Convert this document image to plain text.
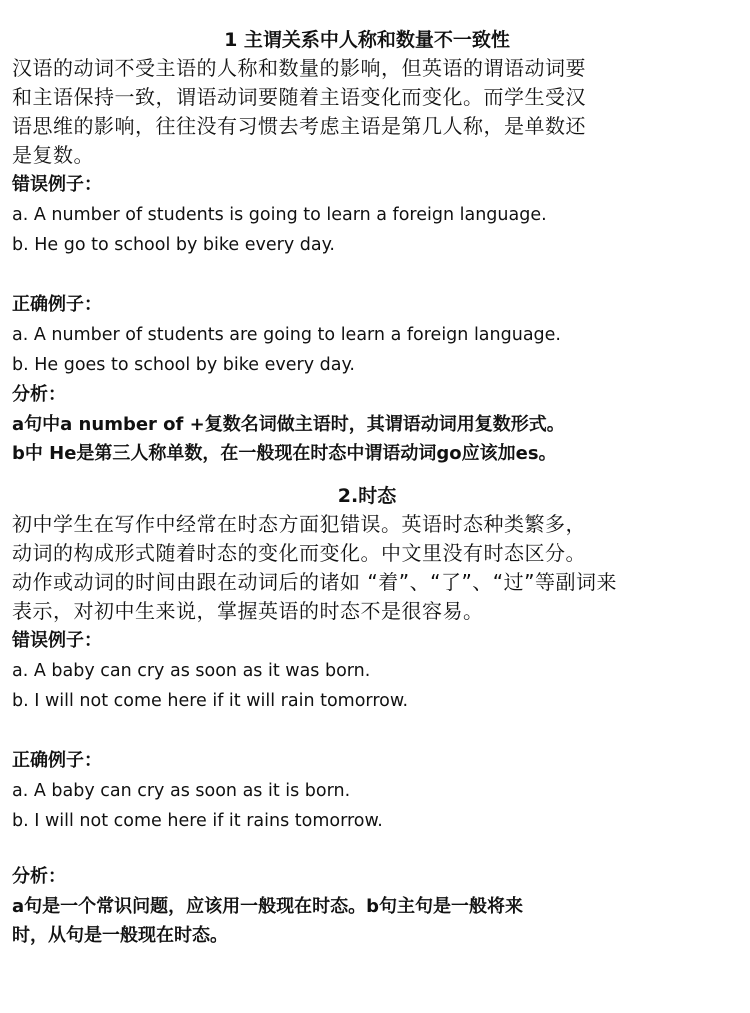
1 主谓关系中人称和数量不一致性

汉语的动词不受主语的人称和数量的影响，但英语的谓语动词要

和主语保持一致，谓语动词要随着主语变化而变化。而学生受汉

语思维的影响，往往没有习惯去考虑主语是第几人称，是单数还

是复数。

错误例子：

a. A number of students is going to learn a foreign language.

b. He go to school by bike every day.

正确例子：

a. A number of students are going to learn a foreign language.

b. He goes to school by bike every day.

分析：

a句中a number of +复数名词做主语时，其谓语动词用复数形式。

b中 He是第三人称单数，在一般现在时态中谓语动词go应该加es。

2.时态

初中学生在写作中经常在时态方面犯错误。英语时态种类繁多，

动词的构成形式随着时态的变化而变化。中文里没有时态区分。

动作或动词的时间由跟在动词后的诸如 “着”、“了”、“过”等副词来

表示，对初中生来说，掌握英语的时态不是很容易。

错误例子：

a. A baby can cry as soon as it was born.

b. I will not come here if it will rain tomorrow.

正确例子：

a. A baby can cry as soon as it is born.

b. I will not come here if it rains tomorrow.

分析：

a句是一个常识问题，应该用一般现在时态。b句主句是一般将来

时，从句是一般现在时态。
